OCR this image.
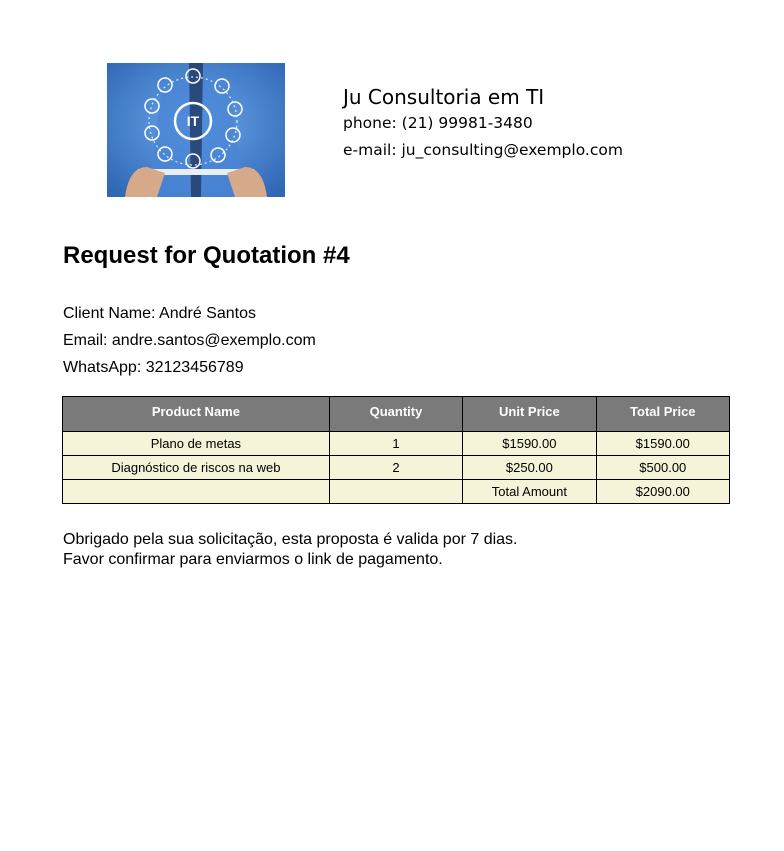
IT
Ju Consultoria em TI
phone: (21) 99981-3480
e-mail: ju_consulting@exemplo.com
Request for Quotation #4
Client Name: André Santos
Email: andre.santos@exemplo.com
WhatsApp: 32123456789
Product Name	Quantity	Unit Price	Total Price
Plano de metas	1	$1590.00	$1590.00
Diagnóstico de riscos na web	2	$250.00	$500.00
		Total Amount	$2090.00
Obrigado pela sua solicitação, esta proposta é valida por 7 dias.
Favor confirmar para enviarmos o link de pagamento.
